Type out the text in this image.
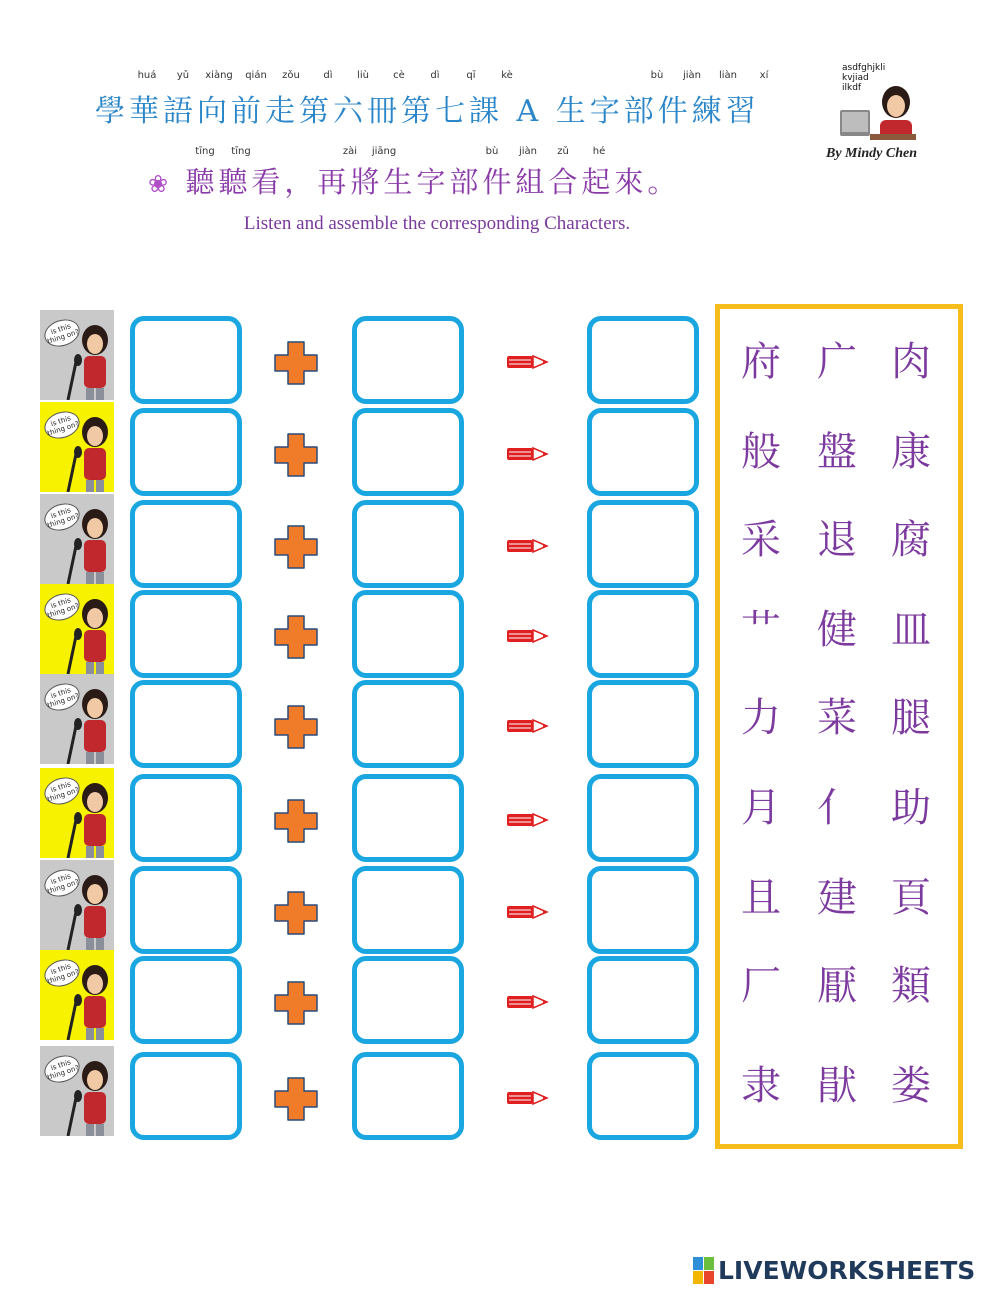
huá yǔ xiàng qián zǒu dì liù cè	dì	qī	kè	bù jiàn liàn xí
學華語向前走第六冊第七課 A 生字部件練習
tīng tīng	zài jiāng	bù jiàn zǔ hé
❀ 聽聽看，再將生字部件組合起來。
Listen and assemble the corresponding Characters.
asdfghjkli
kvjiad
ilkdf
By Mindy Chen
is this thing on?
is this thing on?
is this thing on?
is this thing on?
is this thing on?
is this thing on?
is this thing on?
is this thing on?
is this thing on?
府 广 肉
般 盤 康
采 退 腐
艹 健 皿
力 菜 腿
月 亻 助
且 建 頁
厂 厭 類
隶 猒 娄
LIVEWORKSHEETS
